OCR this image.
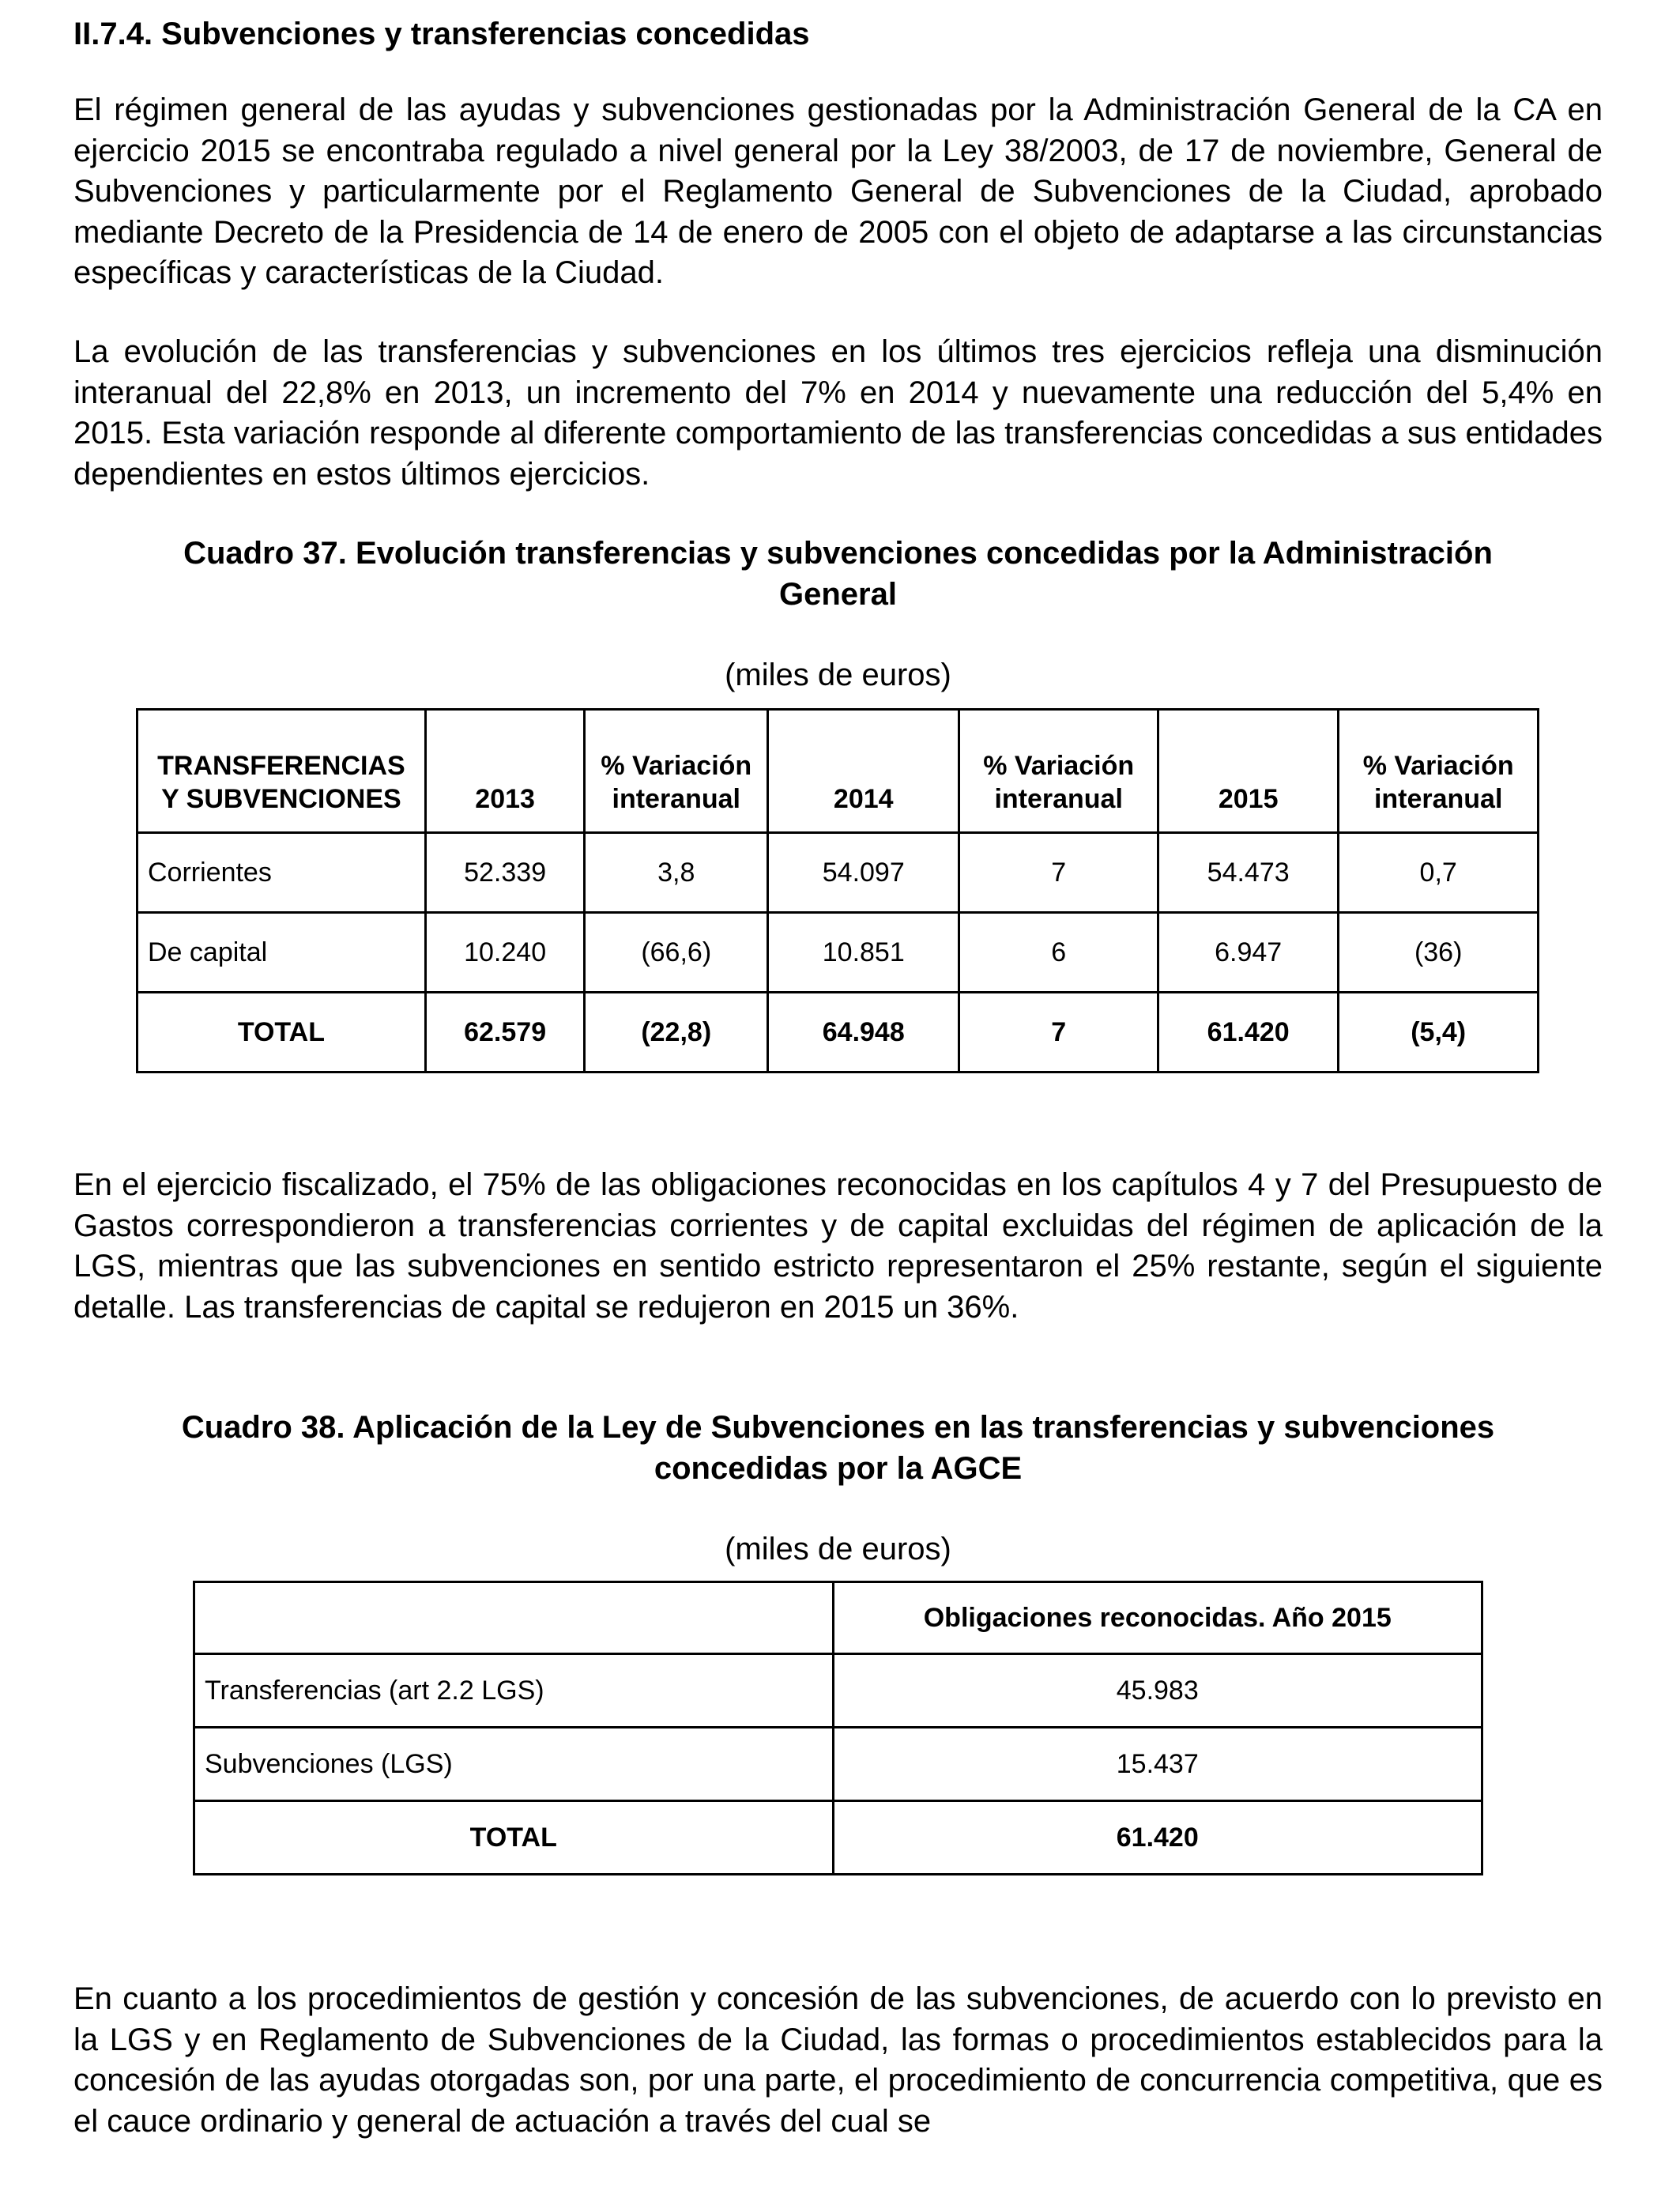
II.7.4. Subvenciones y transferencias concedidas

El régimen general de las ayudas y subvenciones gestionadas por la Administración General de la CA en ejercicio 2015 se encontraba regulado a nivel general por la Ley 38/2003, de 17 de noviembre, General de Subvenciones y particularmente por el Reglamento General de Subvenciones de la Ciudad, aprobado mediante Decreto de la Presidencia de 14 de enero de 2005 con el objeto de adaptarse a las circunstancias específicas y características de la Ciudad.

La evolución de las transferencias y subvenciones en los últimos tres ejercicios refleja una disminución interanual del 22,8% en 2013, un incremento del 7% en 2014 y nuevamente una reducción del 5,4% en 2015. Esta variación responde al diferente comportamiento de las transferencias concedidas a sus entidades dependientes en estos últimos ejercicios.

Cuadro 37. Evolución transferencias y subvenciones concedidas por la Administración
General
(miles de euros)
TRANSFERENCIAS Y SUBVENCIONES	2013	% Variación interanual	2014	% Variación interanual	2015	% Variación interanual
Corrientes	52.339	3,8	54.097	7	54.473	0,7
De capital	10.240	(66,6)	10.851	6	6.947	(36)
TOTAL	62.579	(22,8)	64.948	7	61.420	(5,4)

En el ejercicio fiscalizado, el 75% de las obligaciones reconocidas en los capítulos 4 y 7 del Presupuesto de Gastos correspondieron a transferencias corrientes y de capital excluidas del régimen de aplicación de la LGS, mientras que las subvenciones en sentido estricto representaron el 25% restante, según el siguiente detalle. Las transferencias de capital se redujeron en 2015 un 36%.

Cuadro 38. Aplicación de la Ley de Subvenciones en las transferencias y subvenciones
concedidas por la AGCE
(miles de euros)
	Obligaciones reconocidas. Año 2015
Transferencias (art 2.2 LGS)	45.983
Subvenciones (LGS)	15.437
TOTAL	61.420

En cuanto a los procedimientos de gestión y concesión de las subvenciones, de acuerdo con lo previsto en la LGS y en Reglamento de Subvenciones de la Ciudad, las formas o procedimientos establecidos para la concesión de las ayudas otorgadas son, por una parte, el procedimiento de concurrencia competitiva, que es el cauce ordinario y general de actuación a través del cual se
